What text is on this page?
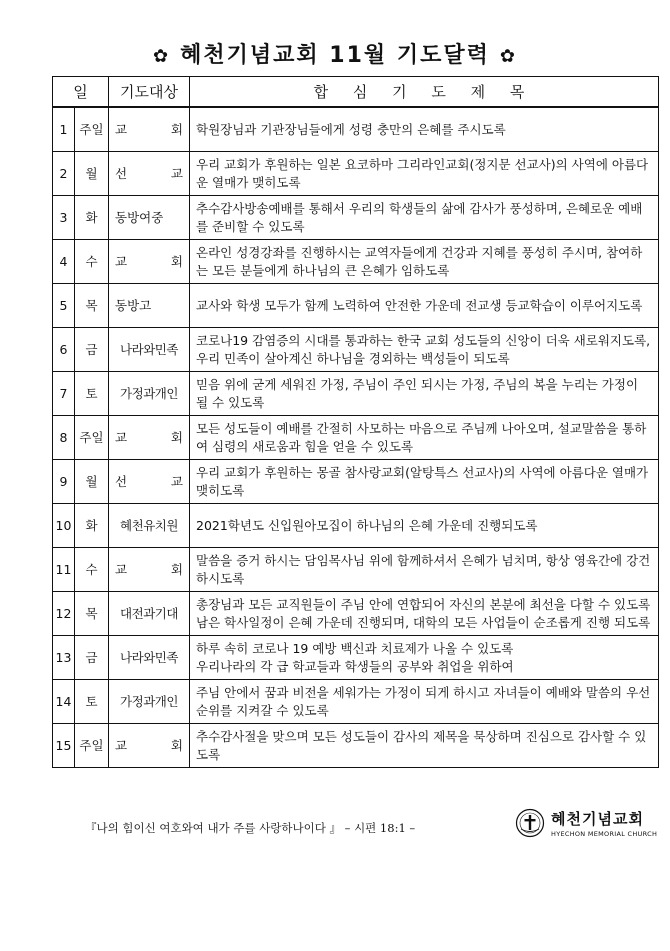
✿ 혜천기념교회 11월 기도달력 ✿
일		기도대상	합 심 기 도 제 목
1	주일	교 회	학원장님과 기관장님들에게 성령 충만의 은혜를 주시도록
2	월	선 교	우리 교회가 후원하는 일본 요코하마 그리라인교회(정지문 선교사)의 사역에 아름다운 열매가 맺히도록
3	화	동방여중	추수감사방송예배를 통해서 우리의 학생들의 삶에 감사가 풍성하며, 은혜로운 예배를 준비할 수 있도록
4	수	교 회	온라인 성경강좌를 진행하시는 교역자들에게 건강과 지혜를 풍성히 주시며, 참여하는 모든 분들에게 하나님의 큰 은혜가 임하도록
5	목	동방고	교사와 학생 모두가 함께 노력하여 안전한 가운데 전교생 등교학습이 이루어지도록
6	금	나라와민족	코로나19 감염증의 시대를 통과하는 한국 교회 성도들의 신앙이 더욱 새로워지도록, 우리 민족이 살아계신 하나님을 경외하는 백성들이 되도록
7	토	가정과개인	믿음 위에 굳게 세워진 가정, 주님이 주인 되시는 가정, 주님의 복을 누리는 가정이 될 수 있도록
8	주일	교 회	모든 성도들이 예배를 간절히 사모하는 마음으로 주님께 나아오며, 설교말씀을 통하여 심령의 새로움과 힘을 얻을 수 있도록
9	월	선 교	우리 교회가 후원하는 몽골 참사랑교회(알탕특스 선교사)의 사역에 아름다운 열매가 맺히도록
10	화	혜천유치원	2021학년도 신입원아모집이 하나님의 은혜 가운데 진행되도록
11	수	교 회	말씀을 증거 하시는 담임목사님 위에 함께하셔서 은혜가 넘치며, 항상 영육간에 강건하시도록
12	목	대전과기대	총장님과 모든 교직원들이 주님 안에 연합되어 자신의 본분에 최선을 다할 수 있도록 남은 학사일정이 은혜 가운데 진행되며, 대학의 모든 사업들이 순조롭게 진행 되도록
13	금	나라와민족	하루 속히 코로나 19 예방 백신과 치료제가 나올 수 있도록
우리나라의 각 급 학교들과 학생들의 공부와 취업을 위하여
14	토	가정과개인	주님 안에서 꿈과 비전을 세워가는 가정이 되게 하시고 자녀들이 예배와 말씀의 우선순위를 지켜갈 수 있도록
15	주일	교 회	추수감사절을 맞으며 모든 성도들이 감사의 제목을 묵상하며 진심으로 감사할 수 있도록
『나의 힘이신 여호와여 내가 주를 사랑하나이다 』 – 시편 18:1 –	혜천기념교회
HYECHON MEMORIAL CHURCH
